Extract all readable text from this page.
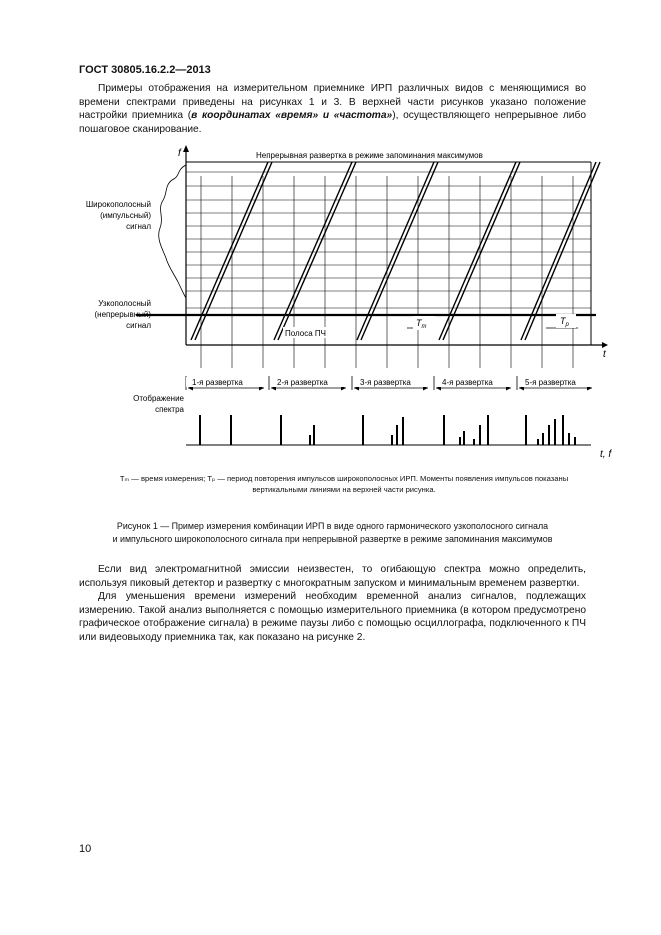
ГОСТ 30805.16.2.2—2013

Примеры отображения на измерительном приемнике ИРП различных видов с меняющимися во времени спектрами приведены на рисунках 1 и 3. В верхней части рисунков указано положение настройки приемника (в координатах «время» и «частота»), осуществляющего непрерывное либо пошаговое сканирование.

f	Непрерывная развертка в режиме запоминания максимумов
t
t, f
Широкополосный
(импульсный)
сигнал
Узкополосный
(непрерывный)
сигнал
Полоса ПЧ
$T_m$
$T_p$
Отображение
спектра
1-я развертка	2-я развертка	3-я развертка	4-я развертка	5-я развертка

Tₘ — время измерения; Tₚ — период повторения импульсов широкополосных ИРП. Моменты появления импульсов показаны
вертикальными линиями на верхней части рисунка.

Рисунок 1 — Пример измерения комбинации ИРП в виде одного гармонического узкополосного сигнала
и импульсного широкополосного сигнала при непрерывной развертке в режиме запоминания максимумов

Если вид электромагнитной эмиссии неизвестен, то огибающую спектра можно определить, используя пиковый детектор и развертку с многократным запуском и минимальным временем развертки.

Для уменьшения времени измерений необходим временной анализ сигналов, подлежащих измерению. Такой анализ выполняется с помощью измерительного приемника (в котором предусмотрено графическое отображение сигнала) в режиме паузы либо с помощью осциллографа, подключенного к ПЧ или видеовыходу приемника так, как показано на рисунке 2.

10
